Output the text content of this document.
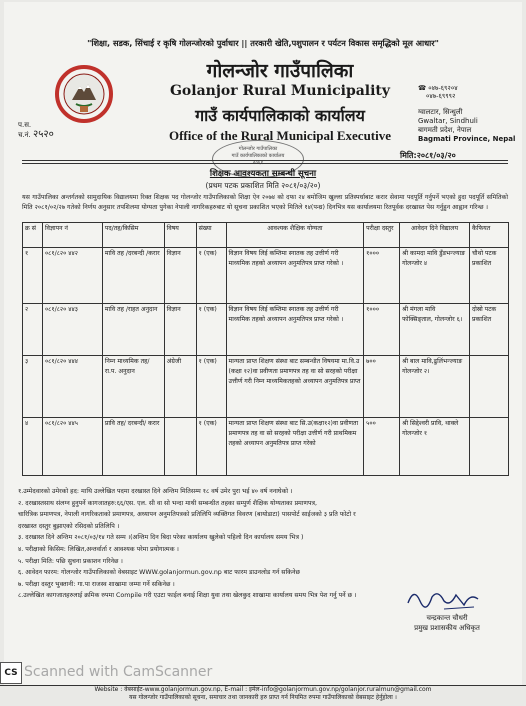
"शिक्षा, सडक, सिंचाई र कृषि गोलन्जोरको पुर्वाधार || तरकारी खेति,पशुपालन र पर्यटन विकास समृद्धिको मूल आधार"
प.स.
च.नं. २५२०
गोलन्जोर गाउँपालिका
Golanjor Rural Municipality
गाउँ कार्यपालिकाको कार्यालय
Office of the Rural Municipal Executive
☎ ०४७-६९२०४
०४७-६९९९२
ग्वालटार, सिन्धुली
Gwaltar, Sindhuli
बागमती प्रदेश, नेपाल
Bagmati Province, Nepal
गोलन्जोर गाउँपालिका
गाउँ कार्यपालिकाको कार्यालय
२०६१
मिति:२०८१/०३/२०
शिक्षक आवश्यकता सम्बन्धी सूचना
(प्रथम पटक प्रकाशित मिति २०८१/०३/२०)
यस गाउँपालिका अन्तर्गतको सामुदायिक विद्यालयमा रिक्त शिक्षक पद गोलन्जोर गाउँपालिकाको शिक्षा ऐन २०७४ को दफा २४ बमोजिम खुल्ला प्रतिस्पर्धाबाट करार सेवामा पदपूर्ति गर्नुपर्ने भएको हुदा पदपूर्ति समितिको मिति २०८१/०२/२७ गतेको निर्णय अनुसार तपशिलमा योग्यता पुगेका नेपाली नागरिकहरुबाट यो सूचना प्रकाशित भएको मितिले १४(पन्ध्र) दिनभित्र यस कार्यालयमा रितपूर्वक दरखास्त पेस गर्नुहुन आह्वान गरिन्छ ।
क्र सं	विज्ञापन नं	पद/तह/किसिम	विषय	संख्या	आवश्यक शैक्षिक योग्यता	परीक्षा दस्तुर	आवेदन दिने विद्यालय	कैफियत
१	०८१/८२० ४४२	मावि तह /दरबन्दी /करार	विज्ञान	१ (एक)	विज्ञान विषय लिई कम्तिमा स्नातक तह उत्तीर्ण गरी माध्यमिक तहको अध्यापन अनुमतिपत्र प्राप्त गरेको ।	१०००	श्री कामदा मावि डुँडभन्ज्याङ गोलन्जोर ४	चौथो पटक प्रकाशित
२	०८१/८२० ४४३	मावि तह /राहत अनुदान	विज्ञान	१ (एक)	विज्ञान विषय लिई कम्तिमा स्नातक तह उत्तीर्ण गरी माध्यमिक तहको अध्यापन अनुमतिपत्र प्राप्त गरेको ।	१०००	श्री मंगला मावि फोक्सिङ्ताल, गोलन्जोर ६।	दोस्रो पटक प्रकाशित
३	०८१/८२० ४४४	निम्न माध्यमिक तह/ रा.प. अनुदान	अंग्रेजी	१ (एक)	मान्यता प्राप्त शिक्षण संस्था बाट सम्बन्धीत विषयमा मा.वि.उ (कक्षा १२)वा प्रवीणता प्रमाणपत्र तह वा सो सरहको परीक्षा उत्तीर्ण गरी निम्न माध्यमिकतहको अध्यापन अनुमतिपत्र प्राप्त	७००	श्री बाल मावि,ढुलिंभन्ज्याङ गोलन्जोर २।	
४	०८१/८२० ४४५	प्रावि तह/ दरबन्दी/ करार		१ (एक)	मान्यता प्राप्त शिक्षण संस्था बाट सि.उ(कक्षा१२)वा प्रवीणता प्रमाणपत्र तह वा सो सरहको परीक्षा उत्तीर्ण गरी प्राथमिकम तहको अध्यापन अनुमतिपत्र प्राप्त गरेको	५००	श्री सिद्देश्वरी प्रावि, थाक्ले गोलन्जोर १	
१.उम्मेदवारको उमेरको हद: माथि उल्लेखित पदमा दरखास्त दिने अन्तिम मितिसम्म १८ वर्ष उमेर पुरा भई ४० वर्ष ननाघेको ।
२. दरखास्तसाथ संलग्न हुनुपर्ने कागजातहरु:६६/एस. एल. सी वा सो भन्दा माथी सम्बन्धीत तहका सम्पुर्ण शैक्षिक योग्यताका प्रमाणपत्र,
चारित्रिक प्रमाणपत्र, नेपाली नागरिकताको प्रमाणपत्र, अध्यापन अनुमतिपत्रको प्रतिलिपि व्यक्तिगत विवरण (बायोडाटा) पासपोर्ट साईजको ३ प्रति फोटो र
दरखास्त दस्तुर बुझाएको रसिदको प्रतिलिपि ।
३. दरखास्त दिने अन्तिम २०८१/०३/१४ गते सम्म ।(अन्तिम दिन बिदा परेका कार्यालय खुलेको पहिलो दिन कार्यालय समय भित्र )
४. परीक्षाको किसिम: लिखित,अन्तर्वार्ता र आवश्यक परेमा प्रयोगात्मक ।
५. परीक्षा मिति: पछि सुचना प्रकाशन गरिनेछ ।
६. आवेदन फारम: गोलन्जोर गाउँपालिकाको वेबसाइट WWW.golanjormun.gov.np बाट फारम डाउनलोड गर्न सकिनेछ
७. परीक्षा दस्तुर भुक्तानी: गा.पा राजस्व शाखामा जम्मा गर्ने सकिनेछ ।
८.उल्लेखित कागजातहरुलाई क्रमिक रुपमा Compile गरी एउटा फाईल बनाई शिक्षा युवा तथा खेलकुद शाखामा कार्यालय समय भित्र पेश गर्नु पर्ने छ ।
चन्द्रकान्त चौधरी
प्रमुख प्रशासकीय अधिकृत
CS Scanned with CamScanner
Website : वेबसाईट-www.golanjormun.gov.np, E-mail : इमेल-info@golanjormun.gov.np/golanjor.ruralmun@gmail.com
यस गोलन्जोर गाउँपालिकाको सूचना, समाचार तथा जानकारी हरु प्राप्त गर्न नियमित रुपमा गाउँपालिकाको वेबसाइट हेर्नुहोला ।
